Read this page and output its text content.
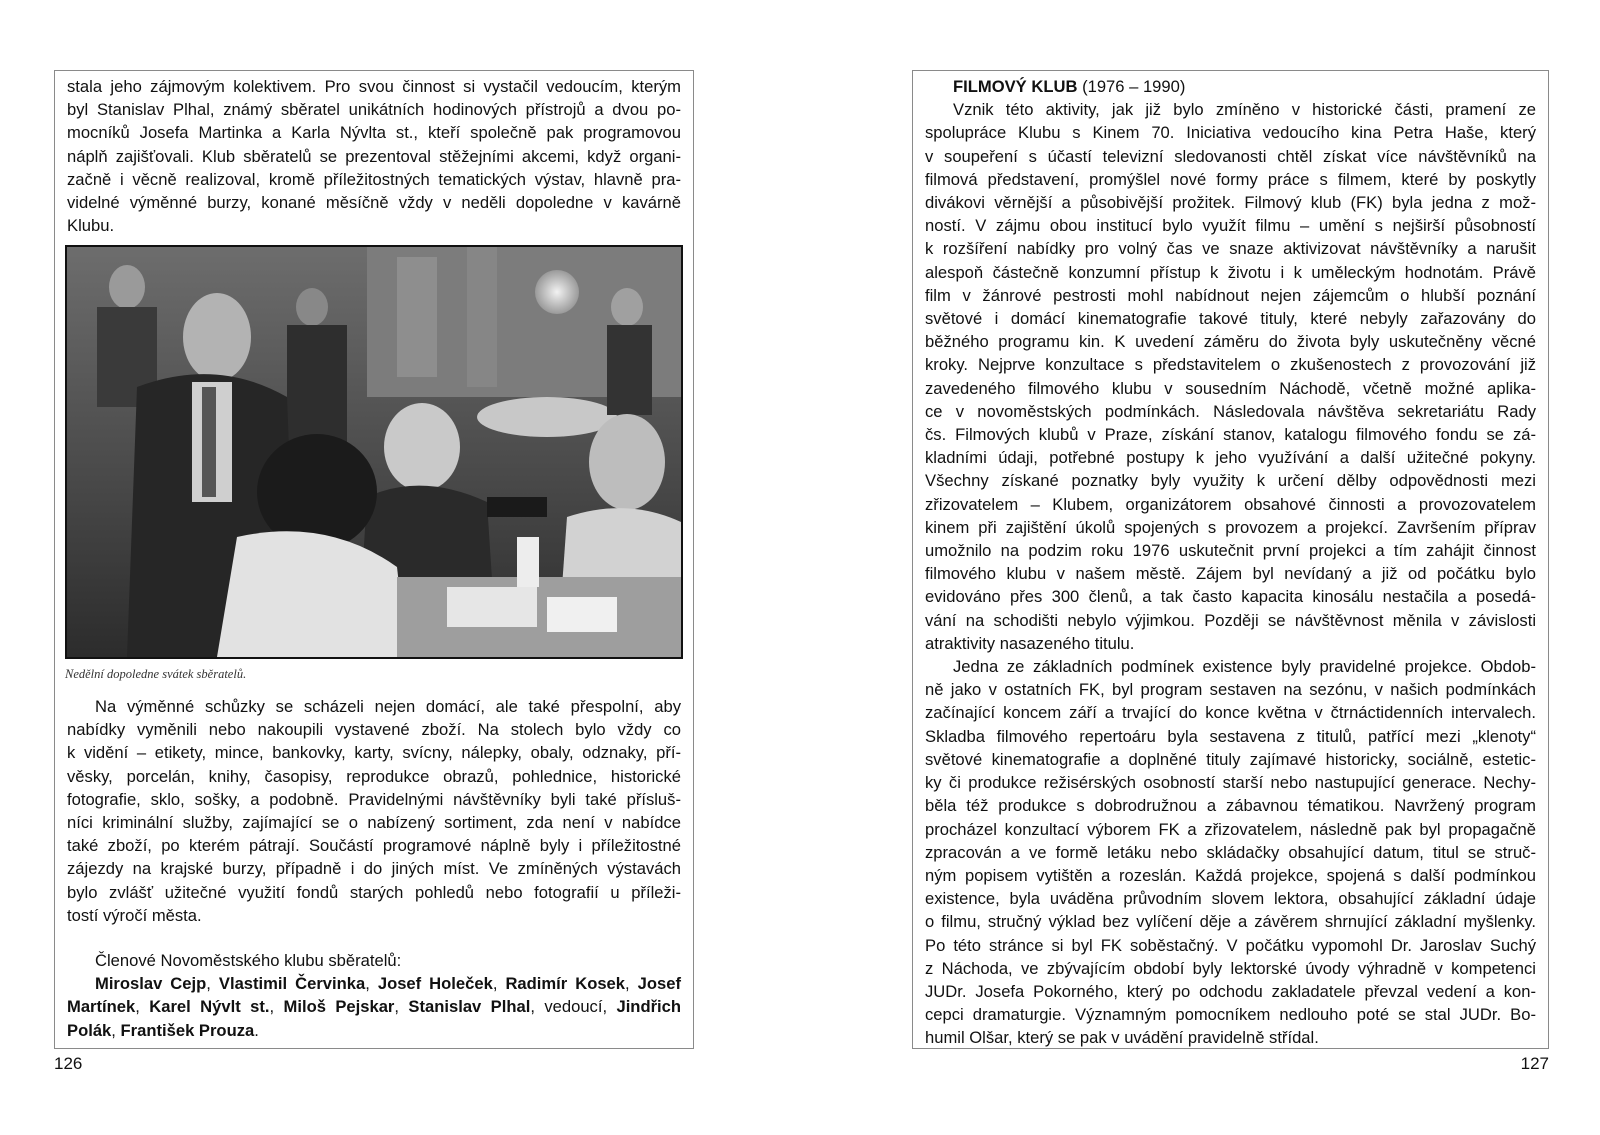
stala jeho zájmovým kolektivem. Pro svou činnost si vystačil vedoucím, kterým
byl Stanislav Plhal, známý sběratel unikátních hodinových přístrojů a dvou po-
mocníků Josefa Martinka a Karla Nývlta st., kteří společně pak programovou
náplň zajišťovali. Klub sběratelů se prezentoval stěžejními akcemi, když organi-
začně i věcně realizoval, kromě příležitostných tematických výstav, hlavně pra-
videlné výměnné burzy, konané měsíčně vždy v neděli dopoledne v kavárně
Klubu.
Nedělní dopoledne svátek sběratelů.
Na výměnné schůzky se scházeli nejen domácí, ale také přespolní, aby
nabídky vyměnili nebo nakoupili vystavené zboží. Na stolech bylo vždy co
k vidění – etikety, mince, bankovky, karty, svícny, nálepky, obaly, odznaky, pří-
věsky, porcelán, knihy, časopisy, reprodukce obrazů, pohlednice, historické
fotografie, sklo, sošky, a podobně. Pravidelnými návštěvníky byli také přísluš-
níci kriminální služby, zajímající se o nabízený sortiment, zda není v nabídce
také zboží, po kterém pátrají. Součástí programové náplně byly i příležitostné
zájezdy na krajské burzy, případně i do jiných míst. Ve zmíněných výstavách
bylo zvlášť užitečné využití fondů starých pohledů nebo fotografií u příleži-
tostí výročí města.

Členové Novoměstského klubu sběratelů:

Miroslav Cejp, Vlastimil Červinka, Josef Holeček, Radimír Kosek, Josef
Martínek, Karel Nývlt st., Miloš Pejskar, Stanislav Plhal, vedoucí, Jindřich
Polák, František Prouza.

FILMOVÝ KLUB (1976 – 1990)

Vznik této aktivity, jak již bylo zmíněno v historické části, pramení ze
spolupráce Klubu s Kinem 70. Iniciativa vedoucího kina Petra Haše, který
v soupeření s účastí televizní sledovanosti chtěl získat více návštěvníků na
filmová představení, promýšlel nové formy práce s filmem, které by poskytly
divákovi věrnější a působivější prožitek. Filmový klub (FK) byla jedna z mož-
ností. V zájmu obou institucí bylo využít filmu – umění s nejširší působností
k rozšíření nabídky pro volný čas ve snaze aktivizovat návštěvníky a narušit
alespoň částečně konzumní přístup k životu i k uměleckým hodnotám. Právě
film v žánrové pestrosti mohl nabídnout nejen zájemcům o hlubší poznání
světové i domácí kinematografie takové tituly, které nebyly zařazovány do
běžného programu kin. K uvedení záměru do života byly uskutečněny věcné
kroky. Nejprve konzultace s představitelem o zkušenostech z provozování již
zavedeného filmového klubu v sousedním Náchodě, včetně možné aplika-
ce v novoměstských podmínkách. Následovala návštěva sekretariátu Rady
čs. Filmových klubů v Praze, získání stanov, katalogu filmového fondu se zá-
kladními údaji, potřebné postupy k jeho využívání a další užitečné pokyny.
Všechny získané poznatky byly využity k určení dělby odpovědnosti mezi
zřizovatelem – Klubem, organizátorem obsahové činnosti a provozovatelem
kinem při zajištění úkolů spojených s provozem a projekcí. Završením příprav
umožnilo na podzim roku 1976 uskutečnit první projekci a tím zahájit činnost
filmového klubu v našem městě. Zájem byl nevídaný a již od počátku bylo
evidováno přes 300 členů, a tak často kapacita kinosálu nestačila a posedá-
vání na schodišti nebylo výjimkou. Později se návštěvnost měnila v závislosti
atraktivity nasazeného titulu.
Jedna ze základních podmínek existence byly pravidelné projekce. Obdob-
ně jako v ostatních FK, byl program sestaven na sezónu, v našich podmínkách
začínající koncem září a trvající do konce května v čtrnáctidenních intervalech.
Skladba filmového repertoáru byla sestavena z titulů, patřící mezi „klenoty“
světové kinematografie a doplněné tituly zajímavé historicky, sociálně, estetic-
ky či produkce režisérských osobností starší nebo nastupující generace. Nechy-
běla též produkce s dobrodružnou a zábavnou tématikou. Navržený program
procházel konzultací výborem FK a zřizovatelem, následně pak byl propagačně
zpracován a ve formě letáku nebo skládačky obsahující datum, titul se struč-
ným popisem vytištěn a rozeslán. Každá projekce, spojená s další podmínkou
existence, byla uváděna průvodním slovem lektora, obsahující základní údaje
o filmu, stručný výklad bez vylíčení děje a závěrem shrnující základní myšlenky.
Po této stránce si byl FK soběstačný. V počátku vypomohl Dr. Jaroslav Suchý
z Náchoda, ve zbývajícím období byly lektorské úvody výhradně v kompetenci
JUDr. Josefa Pokorného, který po odchodu zakladatele převzal vedení a kon-
cepci dramaturgie. Významným pomocníkem nedlouho poté se stal JUDr. Bo-
humil Olšar, který se pak v uvádění pravidelně střídal.
126	127
